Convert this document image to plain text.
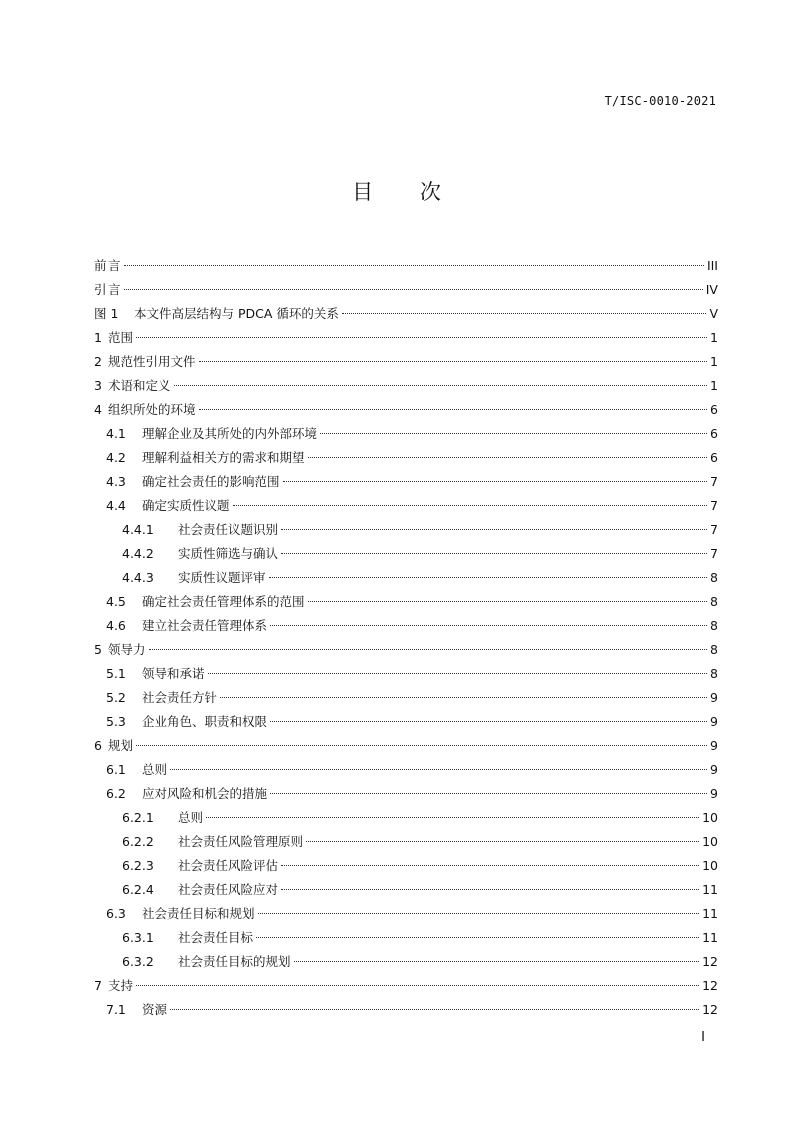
T/ISC-0010-2021
目 次
前 言	III
引 言	IV
图 1	本文件高层结构与 PDCA 循环的关系	V
1 范围	1
2 规范性引用文件	1
3 术语和定义	1
4 组织所处的环境	6
4.1	理解企业及其所处的内外部环境	6
4.2	理解利益相关方的需求和期望	6
4.3	确定社会责任的影响范围	7
4.4	确定实质性议题	7
4.4.1	社会责任议题识别	7
4.4.2	实质性筛选与确认	7
4.4.3	实质性议题评审	8
4.5	确定社会责任管理体系的范围	8
4.6	建立社会责任管理体系	8
5 领导力	8
5.1	领导和承诺	8
5.2	社会责任方针	9
5.3	企业角色、职责和权限	9
6 规划	9
6.1	总则	9
6.2	应对风险和机会的措施	9
6.2.1	总则	10
6.2.2	社会责任风险管理原则	10
6.2.3	社会责任风险评估	10
6.2.4	社会责任风险应对	11
6.3	社会责任目标和规划	11
6.3.1	社会责任目标	11
6.3.2	社会责任目标的规划	12
7 支持	12
7.1	资源	12
I
